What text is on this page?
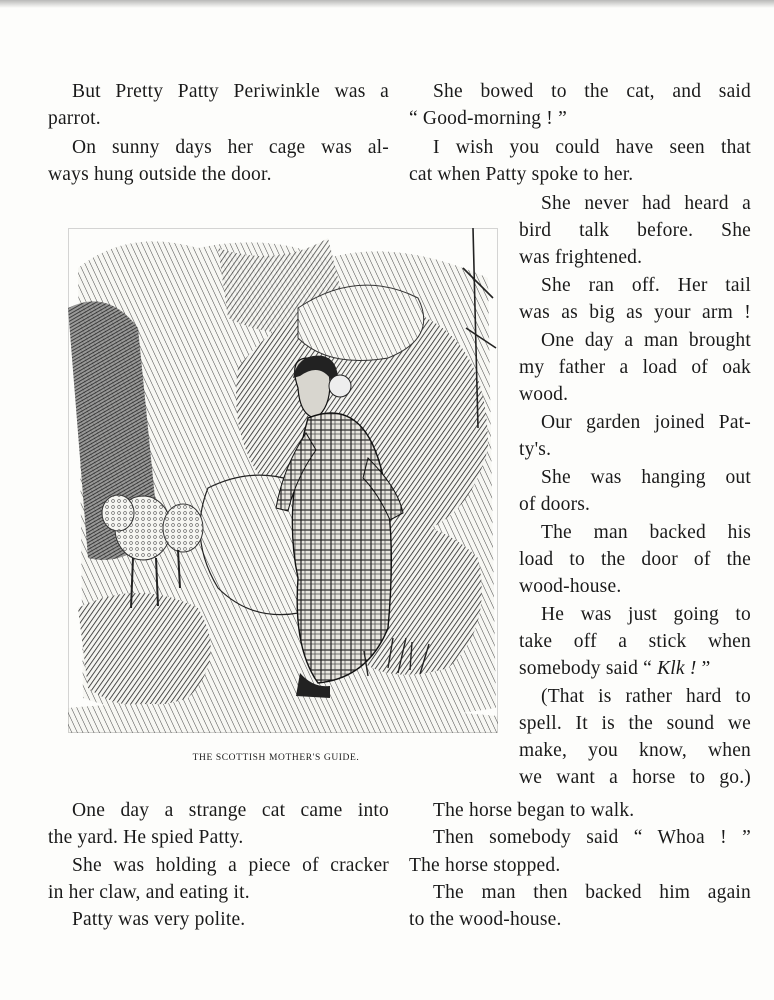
But Pretty Patty Periwinkle was a

parrot.

On sunny days her cage was al-

ways hung outside the door.

THE SCOTTISH MOTHER'S GUIDE.

One day a strange cat came into

the yard. He spied Patty.

She was holding a piece of cracker

in her claw, and eating it.

Patty was very polite.

She bowed to the cat, and said

“ Good-morning ! ”

I wish you could have seen that

cat when Patty spoke to her.

She never had heard a

bird talk before. She

was frightened.

She ran off. Her tail

was as big as your arm !

One day a man brought

my father a load of oak

wood.

Our garden joined Pat-

ty's.

She was hanging out

of doors.

The man backed his

load to the door of the

wood-house.

He was just going to

take off a stick when

somebody said “ Klk ! ”

(That is rather hard to

spell. It is the sound we

make, you know, when

we want a horse to go.)

The horse began to walk.

Then somebody said “ Whoa ! ”

The horse stopped.

The man then backed him again

to the wood-house.
